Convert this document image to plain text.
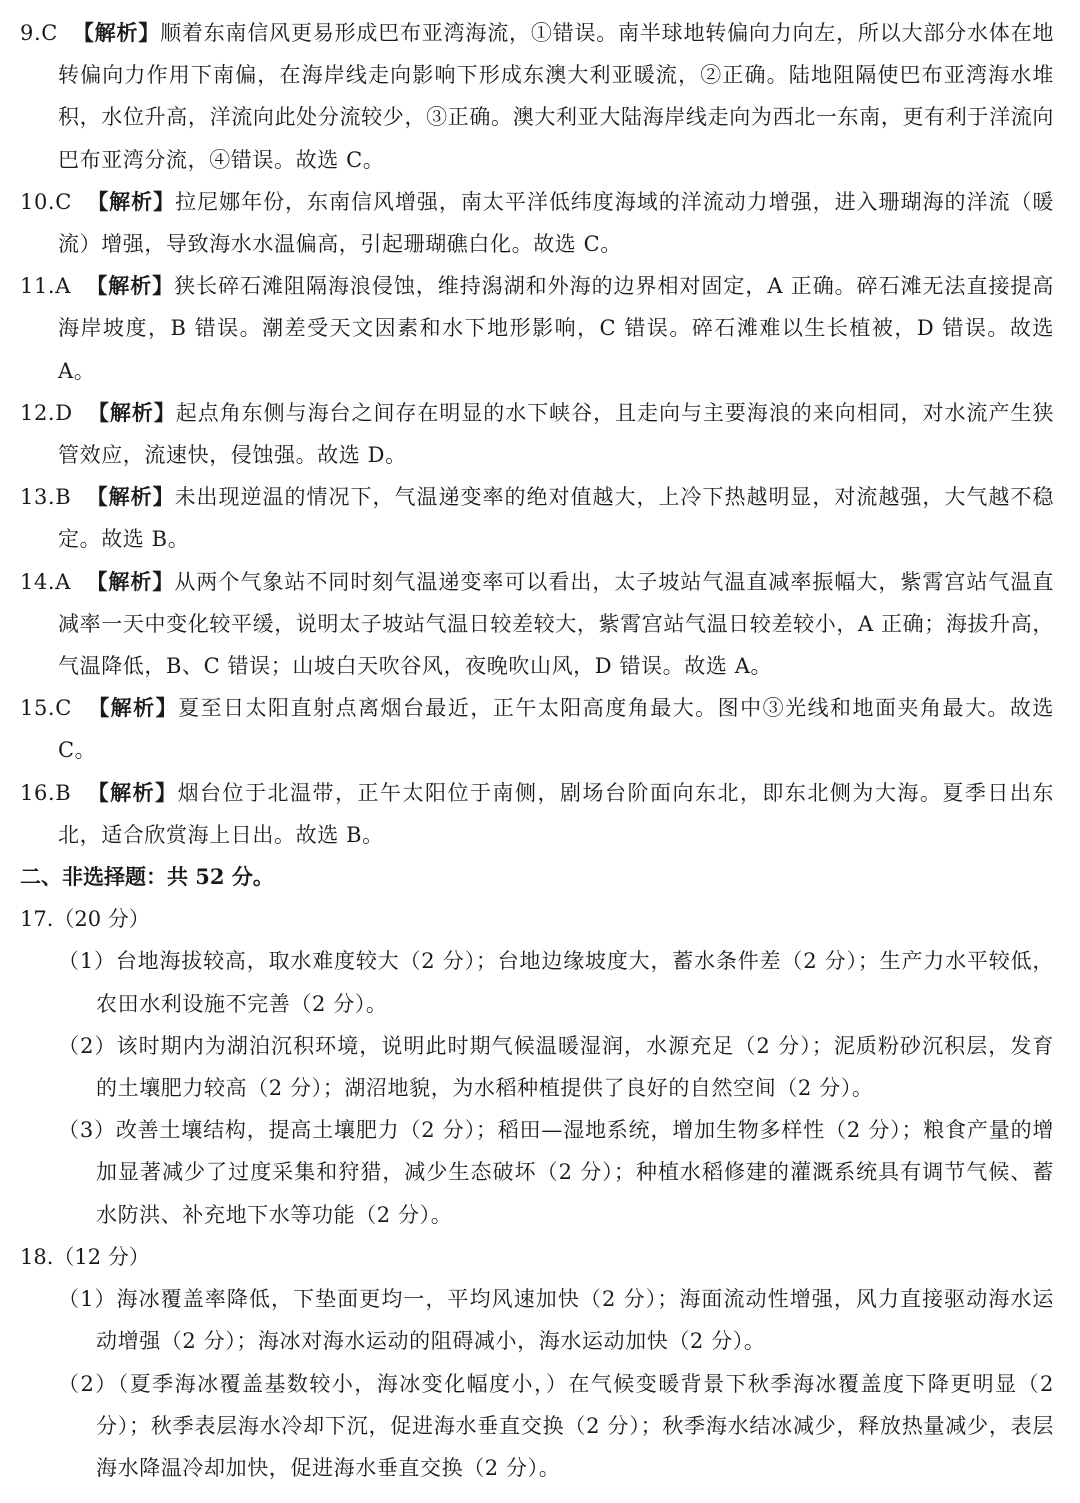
9.C 【解析】顺着东南信风更易形成巴布亚湾海流，①错误。南半球地转偏向力向左，所以大部分水体在地转偏向力作用下南偏，在海岸线走向影响下形成东澳大利亚暖流，②正确。陆地阻隔使巴布亚湾海水堆积，水位升高，洋流向此处分流较少，③正确。澳大利亚大陆海岸线走向为西北一东南，更有利于洋流向巴布亚湾分流，④错误。故选 C。

10.C 【解析】拉尼娜年份，东南信风增强，南太平洋低纬度海域的洋流动力增强，进入珊瑚海的洋流（暖流）增强，导致海水水温偏高，引起珊瑚礁白化。故选 C。

11.A 【解析】狭长碎石滩阻隔海浪侵蚀，维持潟湖和外海的边界相对固定，A 正确。碎石滩无法直接提高海岸坡度，B 错误。潮差受天文因素和水下地形影响，C 错误。碎石滩难以生长植被，D 错误。故选 A。

12.D 【解析】起点角东侧与海台之间存在明显的水下峡谷，且走向与主要海浪的来向相同，对水流产生狭管效应，流速快，侵蚀强。故选 D。

13.B 【解析】未出现逆温的情况下，气温递变率的绝对值越大，上冷下热越明显，对流越强，大气越不稳定。故选 B。

14.A 【解析】从两个气象站不同时刻气温递变率可以看出，太子坡站气温直减率振幅大，紫霄宫站气温直减率一天中变化较平缓，说明太子坡站气温日较差较大，紫霄宫站气温日较差较小，A 正确；海拔升高，气温降低，B、C 错误；山坡白天吹谷风，夜晚吹山风，D 错误。故选 A。

15.C 【解析】夏至日太阳直射点离烟台最近，正午太阳高度角最大。图中③光线和地面夹角最大。故选 C。

16.B 【解析】烟台位于北温带，正午太阳位于南侧，剧场台阶面向东北，即东北侧为大海。夏季日出东北，适合欣赏海上日出。故选 B。

二、非选择题：共 52 分。

17.（20 分）

（1）台地海拔较高，取水难度较大（2 分）；台地边缘坡度大，蓄水条件差（2 分）；生产力水平较低，农田水利设施不完善（2 分）。

（2）该时期内为湖泊沉积环境，说明此时期气候温暖湿润，水源充足（2 分）；泥质粉砂沉积层，发育的土壤肥力较高（2 分）；湖沼地貌，为水稻种植提供了良好的自然空间（2 分）。

（3）改善土壤结构，提高土壤肥力（2 分）；稻田—湿地系统，增加生物多样性（2 分）；粮食产量的增加显著减少了过度采集和狩猎，减少生态破坏（2 分）；种植水稻修建的灌溉系统具有调节气候、蓄水防洪、补充地下水等功能（2 分）。

18.（12 分）

（1）海冰覆盖率降低，下垫面更均一，平均风速加快（2 分）；海面流动性增强，风力直接驱动海水运动增强（2 分）；海冰对海水运动的阻碍减小，海水运动加快（2 分）。

（2）（夏季海冰覆盖基数较小，海冰变化幅度小，）在气候变暖背景下秋季海冰覆盖度下降更明显（2 分）；秋季表层海水冷却下沉，促进海水垂直交换（2 分）；秋季海水结冰减少，释放热量减少，表层海水降温冷却加快，促进海水垂直交换（2 分）。
